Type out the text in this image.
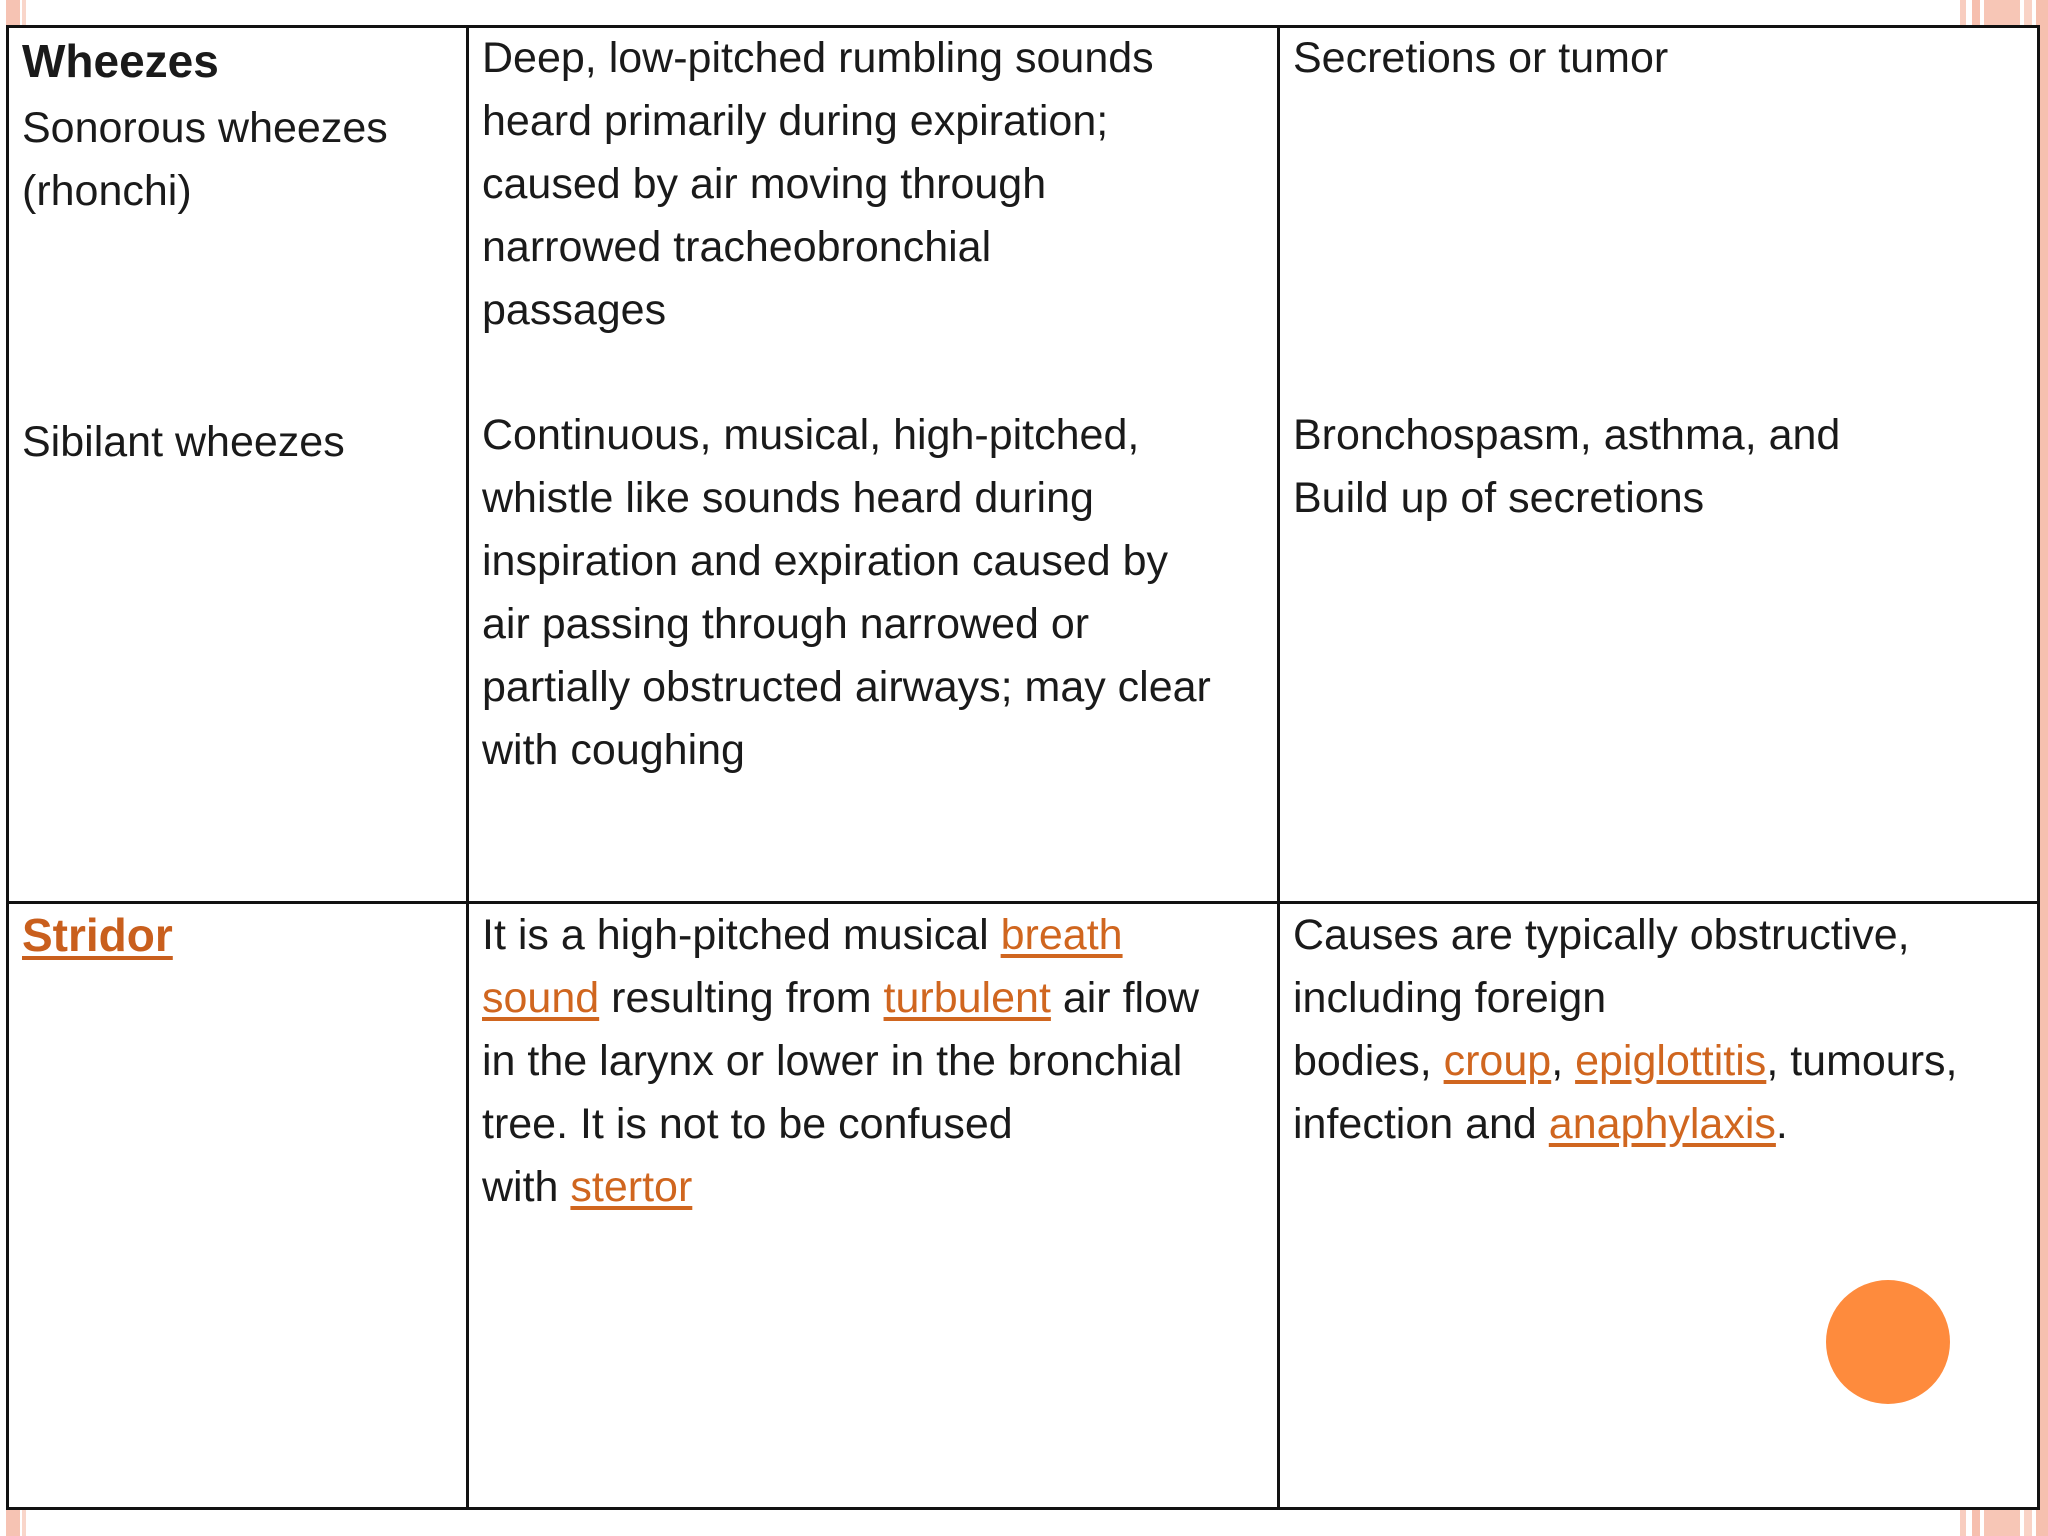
Wheezes
Sonorous wheezes
(rhonchi)
Deep, low-pitched rumbling sounds
heard primarily during expiration;
caused by air moving through
narrowed tracheobronchial
passages
Secretions or tumor
Sibilant wheezes	Continuous, musical, high-pitched,
whistle like sounds heard during
inspiration and expiration caused by
air passing through narrowed or
partially obstructed airways; may clear
with coughing
Bronchospasm, asthma, and
Build up of secretions
Stridor	It is a high-pitched musical breath
sound resulting from turbulent air flow
in the larynx or lower in the bronchial
tree. It is not to be confused
with stertor
Causes are typically obstructive,
including foreign
bodies, croup, epiglottitis, tumours,
infection and anaphylaxis.
